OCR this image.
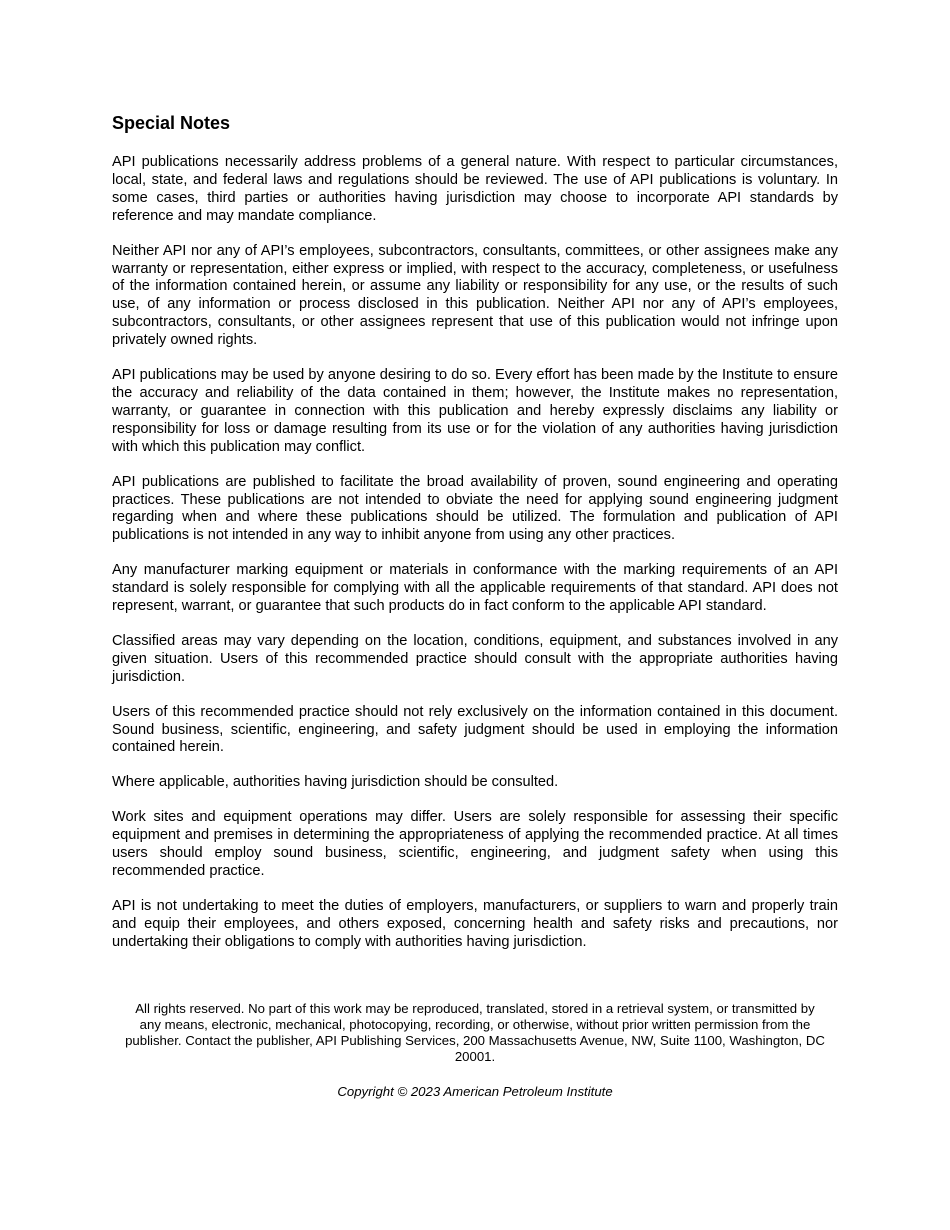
Special Notes

API publications necessarily address problems of a general nature. With respect to particular circumstances, local, state, and federal laws and regulations should be reviewed. The use of API publications is voluntary. In some cases, third parties or authorities having jurisdiction may choose to incorporate API standards by reference and may mandate compliance.

Neither API nor any of API’s employees, subcontractors, consultants, committees, or other assignees make any warranty or representation, either express or implied, with respect to the accuracy, completeness, or usefulness of the information contained herein, or assume any liability or responsibility for any use, or the results of such use, of any information or process disclosed in this publication. Neither API nor any of API’s employees, subcontractors, consultants, or other assignees represent that use of this publication would not infringe upon privately owned rights.

API publications may be used by anyone desiring to do so. Every effort has been made by the Institute to ensure the accuracy and reliability of the data contained in them; however, the Institute makes no representation, warranty, or guarantee in connection with this publication and hereby expressly disclaims any liability or responsibility for loss or damage resulting from its use or for the violation of any authorities having jurisdiction with which this publication may conflict.

API publications are published to facilitate the broad availability of proven, sound engineering and operating practices. These publications are not intended to obviate the need for applying sound engineering judgment regarding when and where these publications should be utilized. The formulation and publication of API publications is not intended in any way to inhibit anyone from using any other practices.

Any manufacturer marking equipment or materials in conformance with the marking requirements of an API standard is solely responsible for complying with all the applicable requirements of that standard. API does not represent, warrant, or guarantee that such products do in fact conform to the applicable API standard.

Classified areas may vary depending on the location, conditions, equipment, and substances involved in any given situation. Users of this recommended practice should consult with the appropriate authorities having jurisdiction.

Users of this recommended practice should not rely exclusively on the information contained in this document. Sound business, scientific, engineering, and safety judgment should be used in employing the information contained herein.

Where applicable, authorities having jurisdiction should be consulted.

Work sites and equipment operations may differ. Users are solely responsible for assessing their specific equipment and premises in determining the appropriateness of applying the recommended practice. At all times users should employ sound business, scientific, engineering, and judgment safety when using this recommended practice.

API is not undertaking to meet the duties of employers, manufacturers, or suppliers to warn and properly train and equip their employees, and others exposed, concerning health and safety risks and precautions, nor undertaking their obligations to comply with authorities having jurisdiction.

All rights reserved. No part of this work may be reproduced, translated, stored in a retrieval system, or transmitted by any means, electronic, mechanical, photocopying, recording, or otherwise, without prior written permission from the publisher. Contact the publisher, API Publishing Services, 200 Massachusetts Avenue, NW, Suite 1100, Washington, DC 20001.

Copyright © 2023 American Petroleum Institute
